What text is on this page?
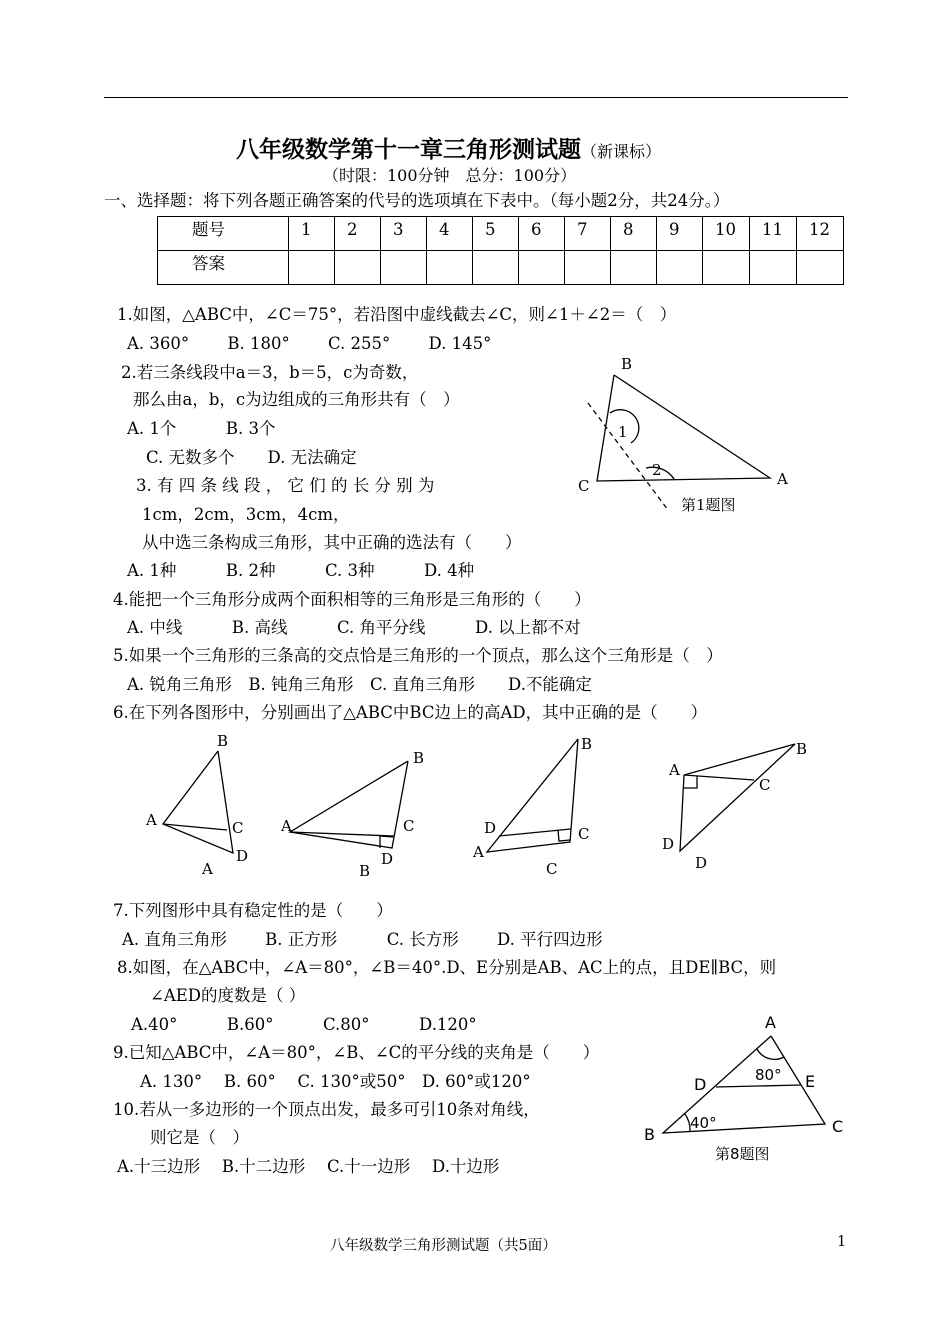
八年级数学第十一章三角形测试题（新课标）
（时限：100分钟　总分：100分）
一、选择题：将下列各题正确答案的代号的选项填在下表中。（每小题2分，共24分。）
题号	1	2	3	4	5	6	7	8	9	10	11	12
答案												
1.如图，△ABC中，∠C＝75°，若沿图中虚线截去∠C，则∠1＋∠2＝（　）
A. 360°　　 B. 180°　　 C. 255°　　 D. 145°
2.若三条线段中a＝3，b＝5，c为奇数，
那么由a，b，c为边组成的三角形共有（　）
A. 1个　　　B. 3个
C. 无数多个　　D. 无法确定
3. 有 四 条 线 段 ， 它 们 的 长 分 别 为
1cm，2cm，3cm，4cm，
从中选三条构成三角形，其中正确的选法有（　　）
A. 1种　　　B. 2种　　　C. 3种　　　D. 4种
4.能把一个三角形分成两个面积相等的三角形是三角形的（　　）
A. 中线　　　B. 高线　　　C. 角平分线　　　D. 以上都不对
5.如果一个三角形的三条高的交点恰是三角形的一个顶点，那么这个三角形是（　）
A. 锐角三角形　B. 钝角三角形　C. 直角三角形　　D.不能确定
6.在下列各图形中，分别画出了△ABC中BC边上的高AD，其中正确的是（　　）
7.下列图形中具有稳定性的是（　　）
A. 直角三角形　　 B. 正方形　　　C. 长方形　　 D. 平行四边形
8.如图，在△ABC中，∠A＝80°，∠B＝40°.D、E分别是AB、AC上的点，且DE∥BC，则
∠AED的度数是（ ）
A.40°　　　B.60°　　　C.80°　　　D.120°
9.已知△ABC中，∠A＝80°，∠B、∠C的平分线的夹角是（　　）
A. 130°　 B. 60°　 C. 130°或50°　D. 60°或120°
10.若从一多边形的一个顶点出发，最多可引10条对角线，
则它是（　）
A.十三边形　 B.十二边形　 C.十一边形　 D.十边形
B
A
C
1
2
第1题图
B
A	C
D
A
B
A	C
D
B
B
D
A
C
C
A
B
C
D
D
A
D	E
B	C
80°
40°
第8题图
八年级数学三角形测试题（共5面）	1
